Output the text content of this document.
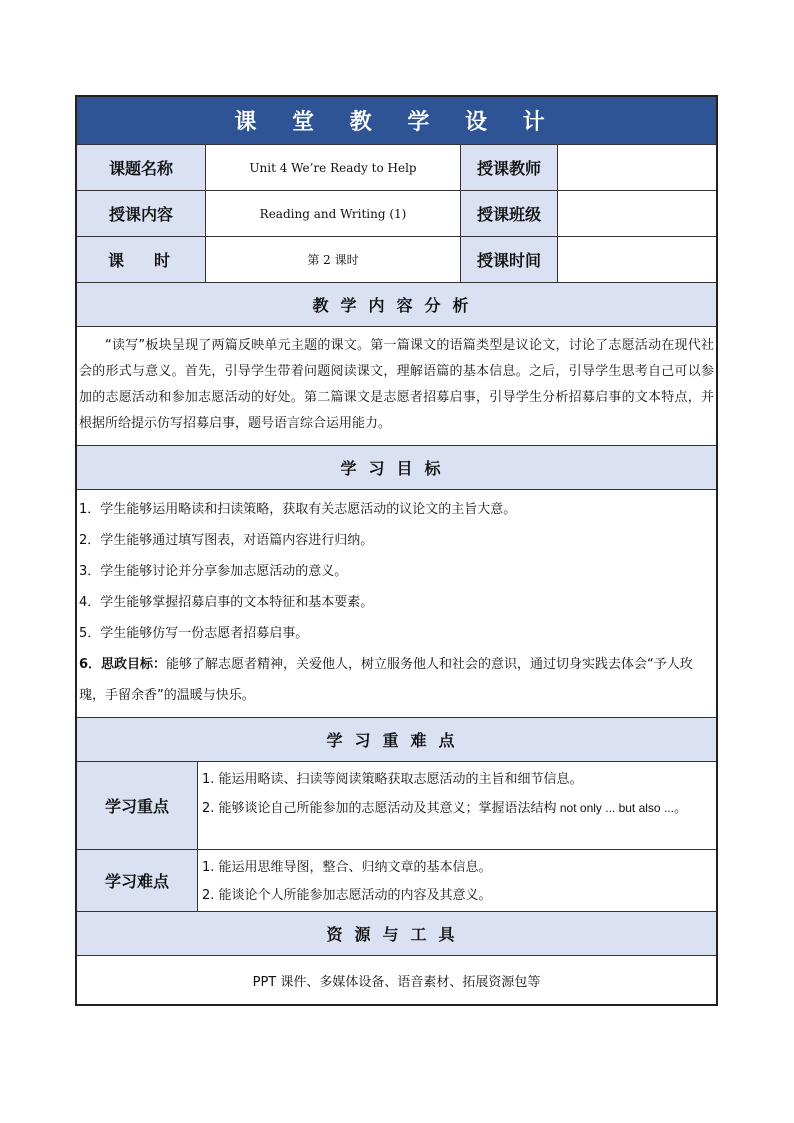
课 堂 教 学 设 计
课题名称	Unit 4 We’re Ready to Help	授课教师
授课内容	Reading and Writing (1)	授课班级
课时	第 2 课时	授课时间
教学内容分析
“读写”板块呈现了两篇反映单元主题的课文。第一篇课文的语篇类型是议论文，讨论了志愿活动在现代社会的形式与意义。首先，引导学生带着问题阅读课文，理解语篇的基本信息。之后，引导学生思考自己可以参加的志愿活动和参加志愿活动的好处。第二篇课文是志愿者招募启事，引导学生分析招募启事的文本特点，并根据所给提示仿写招募启事，题号语言综合运用能力。
学习目标
1．学生能够运用略读和扫读策略，获取有关志愿活动的议论文的主旨大意。
2．学生能够通过填写图表，对语篇内容进行归纳。
3．学生能够讨论并分享参加志愿活动的意义。
4．学生能够掌握招募启事的文本特征和基本要素。
5．学生能够仿写一份志愿者招募启事。
6．思政目标：能够了解志愿者精神，关爱他人，树立服务他人和社会的意识，通过切身实践去体会“予人玫瑰，手留余香”的温暖与快乐。
学习重难点
学习重点
1. 能运用略读、扫读等阅读策略获取志愿活动的主旨和细节信息。
2. 能够谈论自己所能参加的志愿活动及其意义；掌握语法结构 not only ... but also ...。
学习难点
1. 能运用思维导图，整合、归纳文章的基本信息。
2. 能谈论个人所能参加志愿活动的内容及其意义。
资源与工具
PPT 课件、多媒体设备、语音素材、拓展资源包等
